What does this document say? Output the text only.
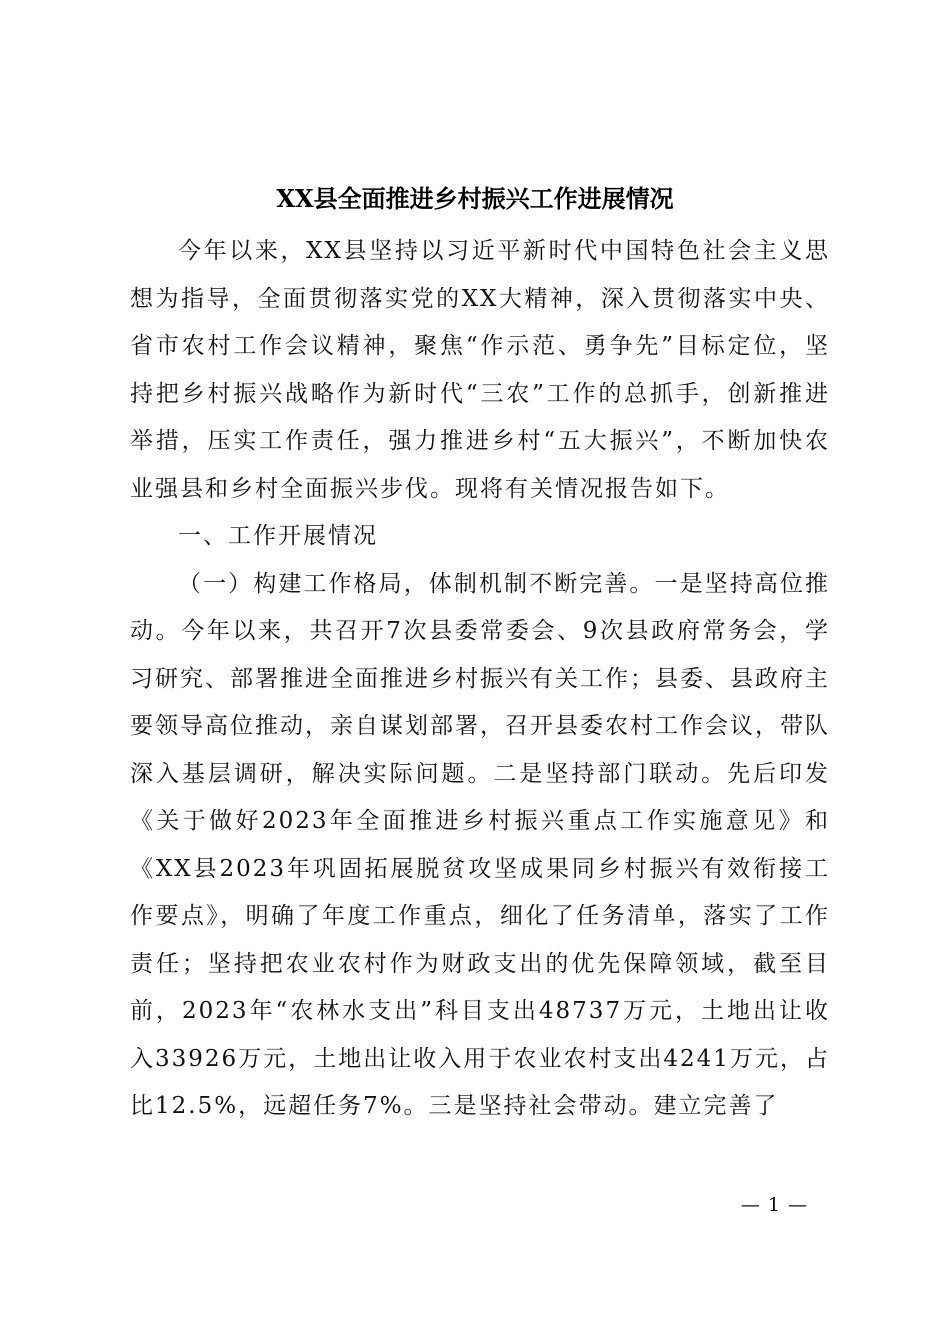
XX县全面推进乡村振兴工作进展情况

今年以来，XX县坚持以习近平新时代中国特色社会主义思想为指导，全面贯彻落实党的XX大精神，深入贯彻落实中央、省市农村工作会议精神，聚焦“作示范、勇争先”目标定位，坚持把乡村振兴战略作为新时代“三农”工作的总抓手，创新推进举措，压实工作责任，强力推进乡村“五大振兴”，不断加快农业强县和乡村全面振兴步伐。现将有关情况报告如下。

一、工作开展情况

（一）构建工作格局，体制机制不断完善。一是坚持高位推动。今年以来，共召开7次县委常委会、9次县政府常务会，学习研究、部署推进全面推进乡村振兴有关工作；县委、县政府主要领导高位推动，亲自谋划部署，召开县委农村工作会议，带队深入基层调研，解决实际问题。二是坚持部门联动。先后印发《关于做好2023年全面推进乡村振兴重点工作实施意见》和《XX县2023年巩固拓展脱贫攻坚成果同乡村振兴有效衔接工作要点》，明确了年度工作重点，细化了任务清单，落实了工作责任；坚持把农业农村作为财政支出的优先保障领域，截至目前，2023年“农林水支出”科目支出48737万元，土地出让收入33926万元，土地出让收入用于农业农村支出4241万元，占比12.5%，远超任务7%。三是坚持社会带动。建立完善了

— 1 —
